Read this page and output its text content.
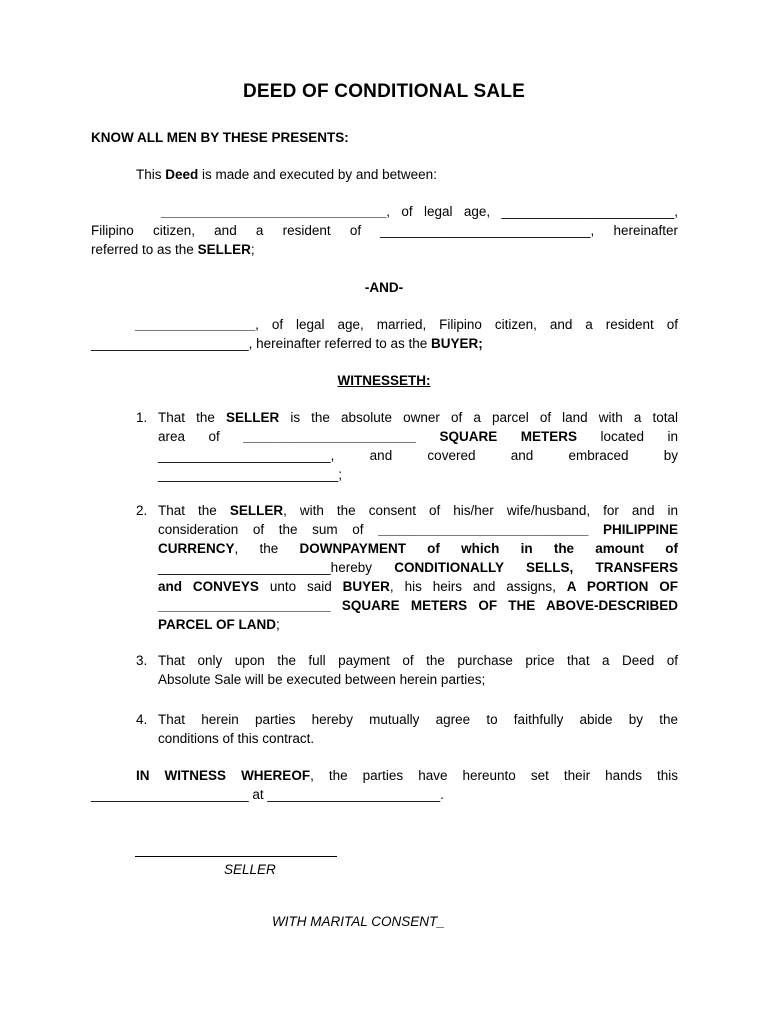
DEED OF CONDITIONAL SALE
KNOW ALL MEN BY THESE PRESENTS:
This Deed is made and executed by and between:
______________________________, of legal age, _______________________,
Filipino citizen, and a resident of ____________________________, hereinafter
referred to as the SELLER;
-AND-
________________, of legal age, married, Filipino citizen, and a resident of
_____________________, hereinafter referred to as the BUYER;
WITNESSETH:
1. That the SELLER is the absolute owner of a parcel of land with a total
area of _______________________ SQUARE METERS located in
_______________________, and covered and embraced by
________________________;
2. That the SELLER, with the consent of his/her wife/husband, for and in
consideration of the sum of ____________________________ PHILIPPINE
CURRENCY, the DOWNPAYMENT of which in the amount of
_______________________hereby CONDITIONALLY SELLS, TRANSFERS
and CONVEYS unto said BUYER, his heirs and assigns, A PORTION OF
_______________________ SQUARE METERS OF THE ABOVE-DESCRIBED
PARCEL OF LAND;
3. That only upon the full payment of the purchase price that a Deed of
Absolute Sale will be executed between herein parties;
4. That herein parties hereby mutually agree to faithfully abide by the
conditions of this contract.
IN WITNESS WHEREOF, the parties have hereunto set their hands this
_____________________ at _______________________.
SELLER
WITH MARITAL CONSENT_
